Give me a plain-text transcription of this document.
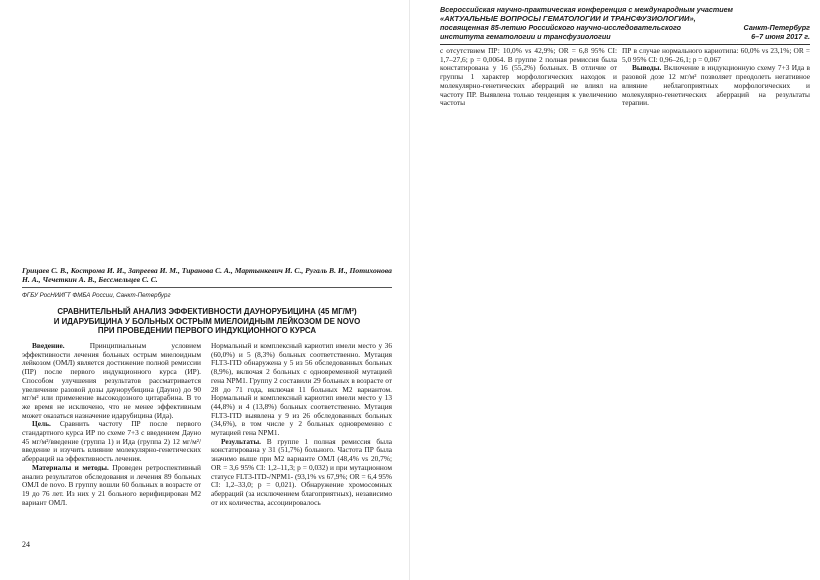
Грицаев С. В., Кострома И. И., Запреева И. М., Тиранова С. А., Мартынкевич И. С., Ругаль В. И., Потихонова Н. А., Чечеткин А. В., Бессмельцев С. С.
ФГБУ РосНИИГТ ФМБА России, Санкт-Петербург
СРАВНИТЕЛЬНЫЙ АНАЛИЗ ЭФФЕКТИВНОСТИ ДАУНОРУБИЦИНА (45 МГ/М²)
И ИДАРУБИЦИНА У БОЛЬНЫХ ОСТРЫМ МИЕЛОИДНЫМ ЛЕЙКОЗОМ DE NOVO
ПРИ ПРОВЕДЕНИИ ПЕРВОГО ИНДУКЦИОННОГО КУРСА

Введение.	Принципиальным условием эффективности лечения больных острым миелоидным лейкозом (ОМЛ) является достижение полной ремиссии (ПР) после первого индукционного курса (ИР). Способом улучшения результатов рассматривается увеличение разовой дозы даунорубицина (Дауно) до 90 мг/м² или применение высокодозного цитарабина. В то же время не исключено, что не менее эффективным может оказаться назначение идарубицина (Ида).

Цель. Сравнить частоту ПР после первого стандартного курса ИР по схеме 7+3 с введением Дауно 45 мг/м²/введение (группа 1) и Ида (группа 2) 12 мг/м²/введение и изучить влияние молекулярно-генетических аберраций на эффективность лечения.

Материалы и методы. Проведен ретроспективный анализ результатов обследования и лечения 89 больных ОМЛ de novo. В группу вошли 60 больных в возрасте от 19 до 76 лет. Из них у 21 больного верифицирован М2 вариант ОМЛ.

Нормальный и комплексный кариотип имели место у 36 (60,0%) и 5 (8,3%) больных соответственно. Мутация FLT3-ITD обнаружена у 5 из 56 обследованных больных (8,9%), включая 2 больных с одновременной мутацией гена NPM1. Группу 2 составили 29 больных в возрасте от 28 до 71 года, включая 11 больных М2 вариантом. Нормальный и комплексный кариотип имели место у 13 (44,8%) и 4 (13,8%) больных соответственно. Мутация FLT3-ITD выявлена у 9 из 26 обследованных больных (34,6%), в том числе у 2 больных одновременно с мутацией гена NPM1.

Результаты. В группе 1 полная ремиссия была констатирована у 31 (51,7%) больного. Частота ПР была значимо выше при М2 варианте ОМЛ (48,4% vs 20,7%; OR = 3,6 95% CI: 1,2–11,3; p = 0,032) и при мутационном статусе FLT3-ITD-/NPM1- (93,1% vs 67,9%; OR = 6,4 95% CI: 1,2–33,0; p = 0,021). Обнаружение хромосомных аберраций (за исключением благоприятных), независимо от их количества, ассоциировалось

24
Всероссийская научно-практическая конференция с международным участием
«АКТУАЛЬНЫЕ ВОПРОСЫ ГЕМАТОЛОГИИ И ТРАНСФУЗИОЛОГИИ»,
посвященная 85-летию Российского научно-исследовательского
института гематологии и трансфузиологии
Санкт-Петербург
6–7 июня 2017 г.

с отсутствием ПР: 10,0% vs 42,9%; OR = 6,8 95% CI: 1,7–27,6; p = 0,0064. В группе 2 полная ремиссия была констатирована у 16 (55,2%) больных. В отличие от группы 1 характер морфологических находок и молекулярно-генетических аберраций не влиял на частоту ПР. Выявлена только тенденция к увеличению частоты

ПР в случае нормального кариотипа: 60,0% vs 23,1%; OR = 5,0 95% CI: 0,96–26,1; p = 0,067

Выводы. Включение в индукционную схему 7+3 Ида в разовой дозе 12 мг/м² позволяет преодолеть негативное влияние неблагоприятных морфологических и молекулярно-генетических аберраций на результаты терапии.
